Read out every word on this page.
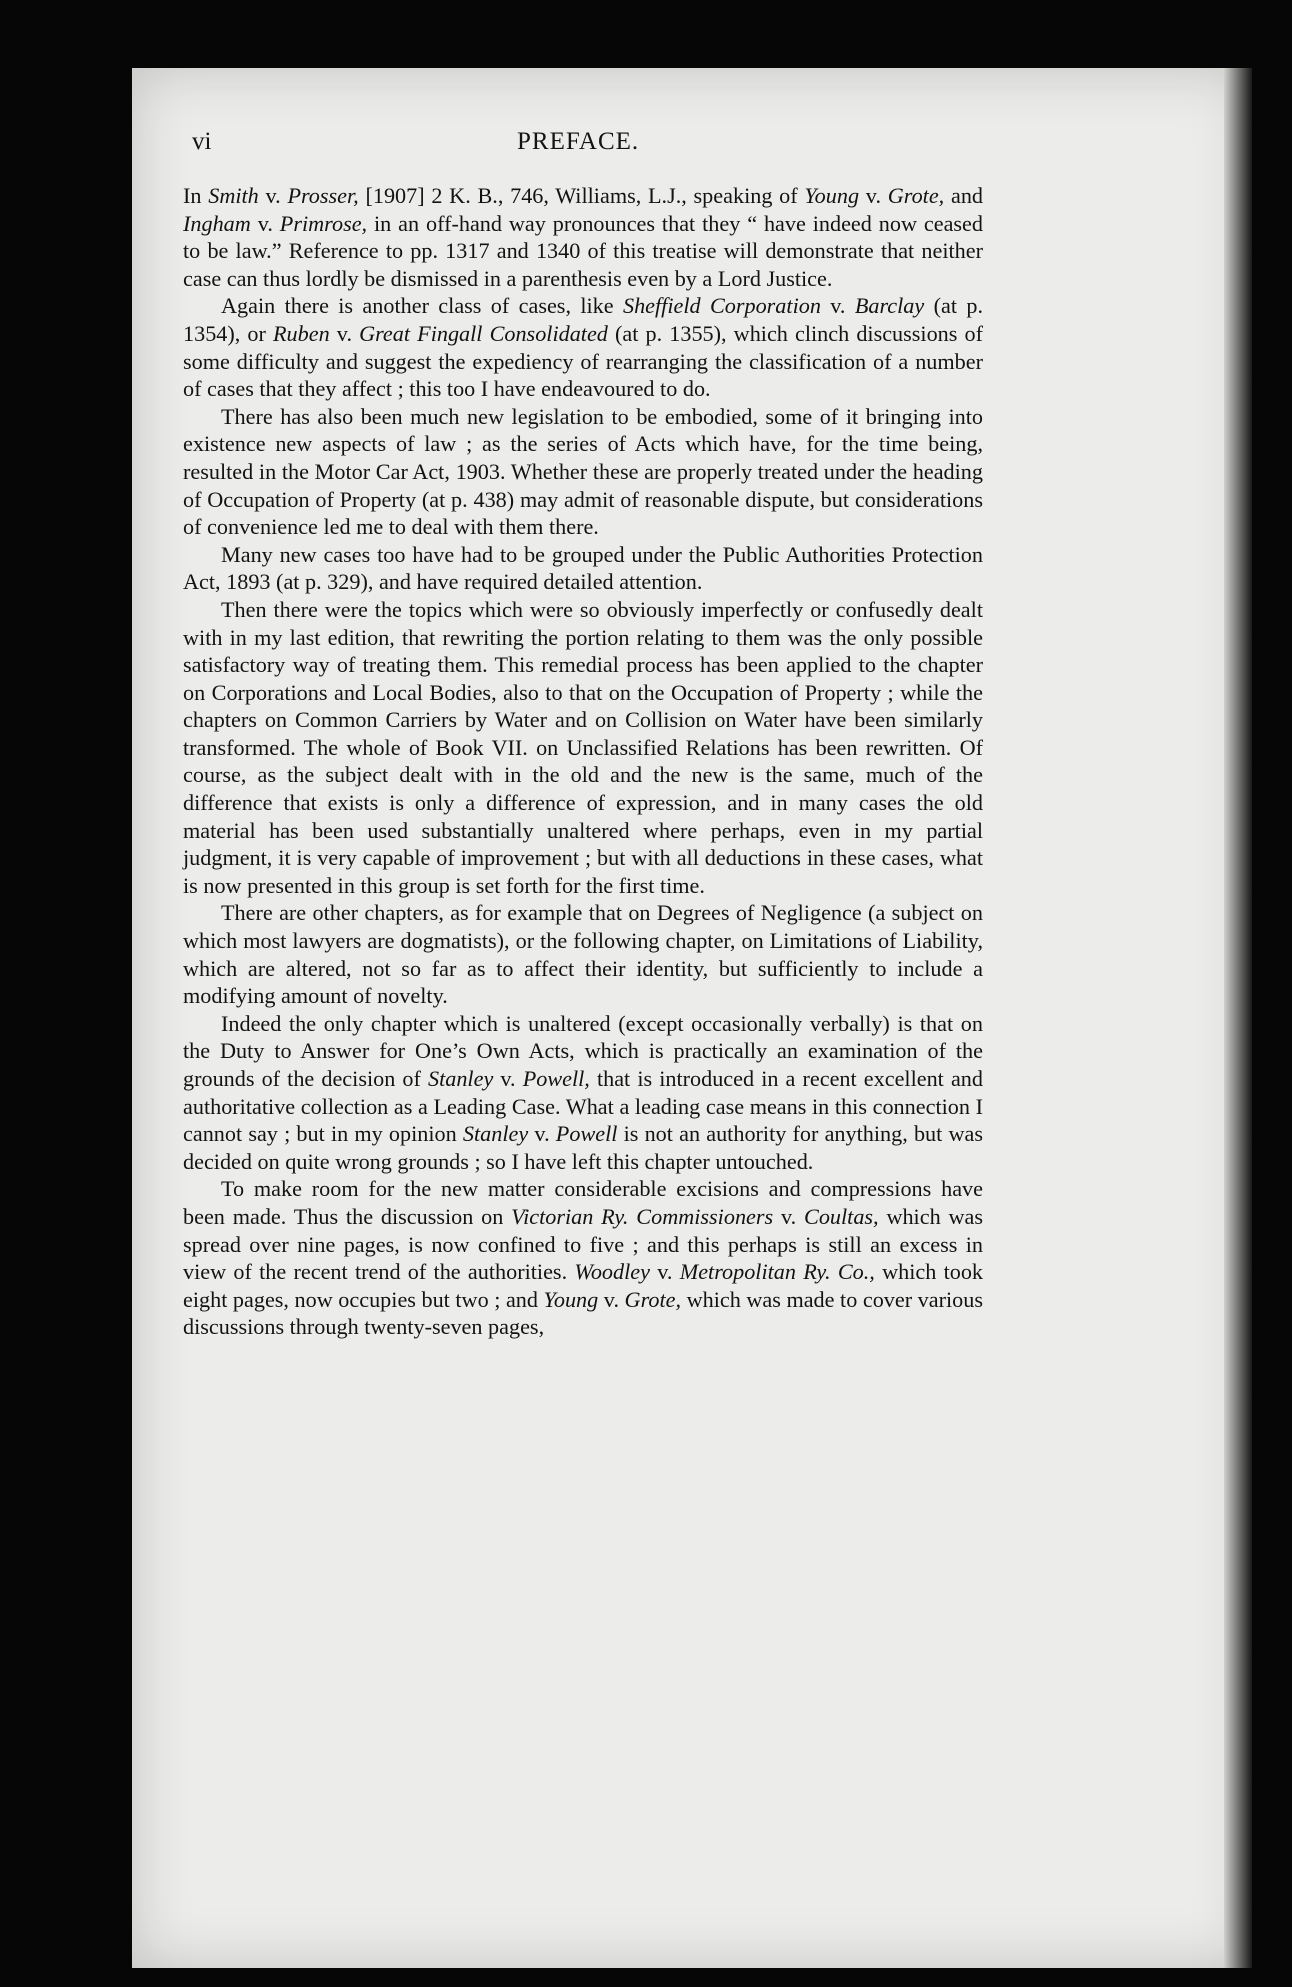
vi	PREFACE.

In Smith v. Prosser, [1907] 2 K. B., 746, Williams, L.J., speaking of Young v. Grote, and Ingham v. Primrose, in an off-hand way pronounces that they “ have indeed now ceased to be law.” Reference to pp. 1317 and 1340 of this treatise will demonstrate that neither case can thus lordly be dismissed in a parenthesis even by a Lord Justice.

Again there is another class of cases, like Sheffield Corporation v. Barclay (at p. 1354), or Ruben v. Great Fingall Consolidated (at p. 1355), which clinch discussions of some difficulty and suggest the expediency of rearranging the classification of a number of cases that they affect ; this too I have endeavoured to do.

There has also been much new legislation to be embodied, some of it bringing into existence new aspects of law ; as the series of Acts which have, for the time being, resulted in the Motor Car Act, 1903. Whether these are properly treated under the heading of Occupation of Property (at p. 438) may admit of reasonable dispute, but considerations of convenience led me to deal with them there.

Many new cases too have had to be grouped under the Public Authorities Protection Act, 1893 (at p. 329), and have required detailed attention.

Then there were the topics which were so obviously imperfectly or confusedly dealt with in my last edition, that rewriting the portion relating to them was the only possible satisfactory way of treating them. This remedial process has been applied to the chapter on Corporations and Local Bodies, also to that on the Occupation of Property ; while the chapters on Common Carriers by Water and on Collision on Water have been similarly transformed. The whole of Book VII. on Unclassified Relations has been rewritten. Of course, as the subject dealt with in the old and the new is the same, much of the difference that exists is only a difference of expression, and in many cases the old material has been used substantially unaltered where perhaps, even in my partial judgment, it is very capable of improvement ; but with all deductions in these cases, what is now presented in this group is set forth for the first time.

There are other chapters, as for example that on Degrees of Negligence (a subject on which most lawyers are dogmatists), or the following chapter, on Limitations of Liability, which are altered, not so far as to affect their identity, but sufficiently to include a modifying amount of novelty.

Indeed the only chapter which is unaltered (except occasionally verbally) is that on the Duty to Answer for One’s Own Acts, which is practically an examination of the grounds of the decision of Stanley v. Powell, that is introduced in a recent excellent and authoritative collection as a Leading Case. What a leading case means in this connection I cannot say ; but in my opinion Stanley v. Powell is not an authority for anything, but was decided on quite wrong grounds ; so I have left this chapter untouched.

To make room for the new matter considerable excisions and compressions have been made. Thus the discussion on Victorian Ry. Commissioners v. Coultas, which was spread over nine pages, is now confined to five ; and this perhaps is still an excess in view of the recent trend of the authorities. Woodley v. Metropolitan Ry. Co., which took eight pages, now occupies but two ; and Young v. Grote, which was made to cover various discussions through twenty-seven pages,
